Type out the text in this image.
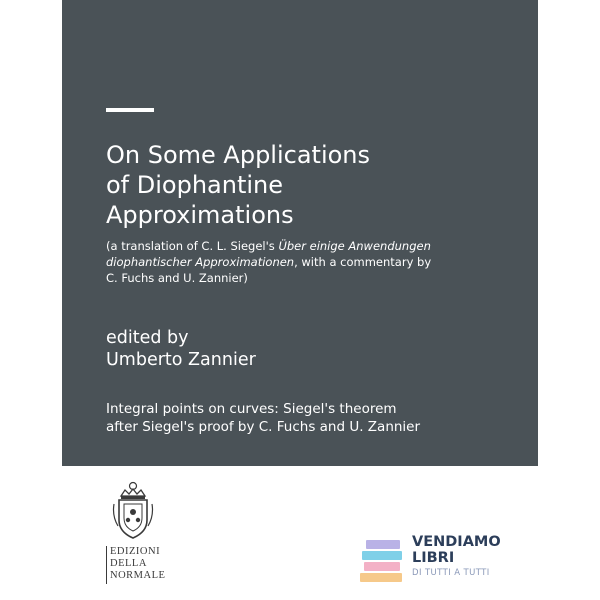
On Some Applications
of Diophantine
Approximations
(a translation of C. L. Siegel's Über einige Anwendungen
diophantischer Approximationen, with a commentary by
C. Fuchs and U. Zannier)
edited by
Umberto Zannier
Integral points on curves: Siegel's theorem
after Siegel's proof by C. Fuchs and U. Zannier
EDIZIONI
DELLA
NORMALE
VENDIAMO
LIBRI
DI TUTTI A TUTTI
